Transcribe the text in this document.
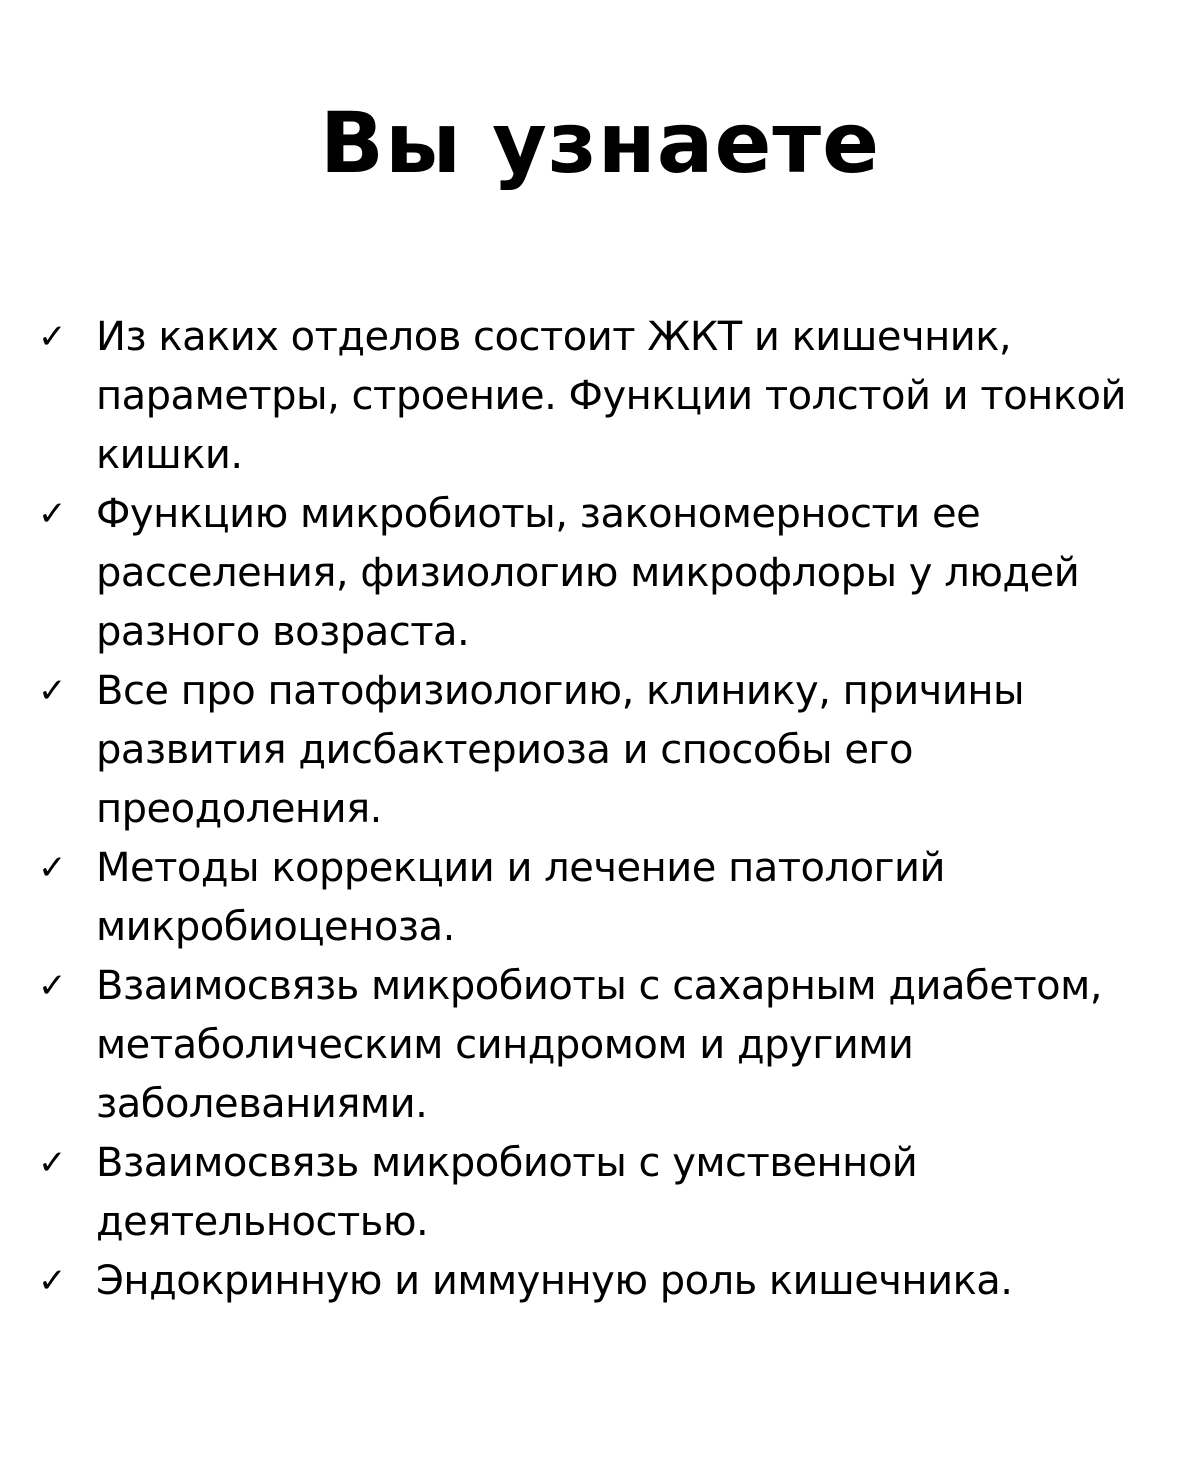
Вы узнаете
✓ Из каких отделов состоит ЖКТ и кишечник, параметры, строение. Функции толстой и тонкой кишки.
✓ Функцию микробиоты, закономерности ее расселения, физиологию микрофлоры у людей разного возраста.
✓ Все про патофизиологию, клинику, причины развития дисбактериоза и способы его преодоления.
✓ Методы коррекции и лечение патологий микробиоценоза.
✓ Взаимосвязь микробиоты с сахарным диабетом, метаболическим синдромом и другими заболеваниями.
✓ Взаимосвязь микробиоты с умственной деятельностью.
✓ Эндокринную и иммунную роль кишечника.
